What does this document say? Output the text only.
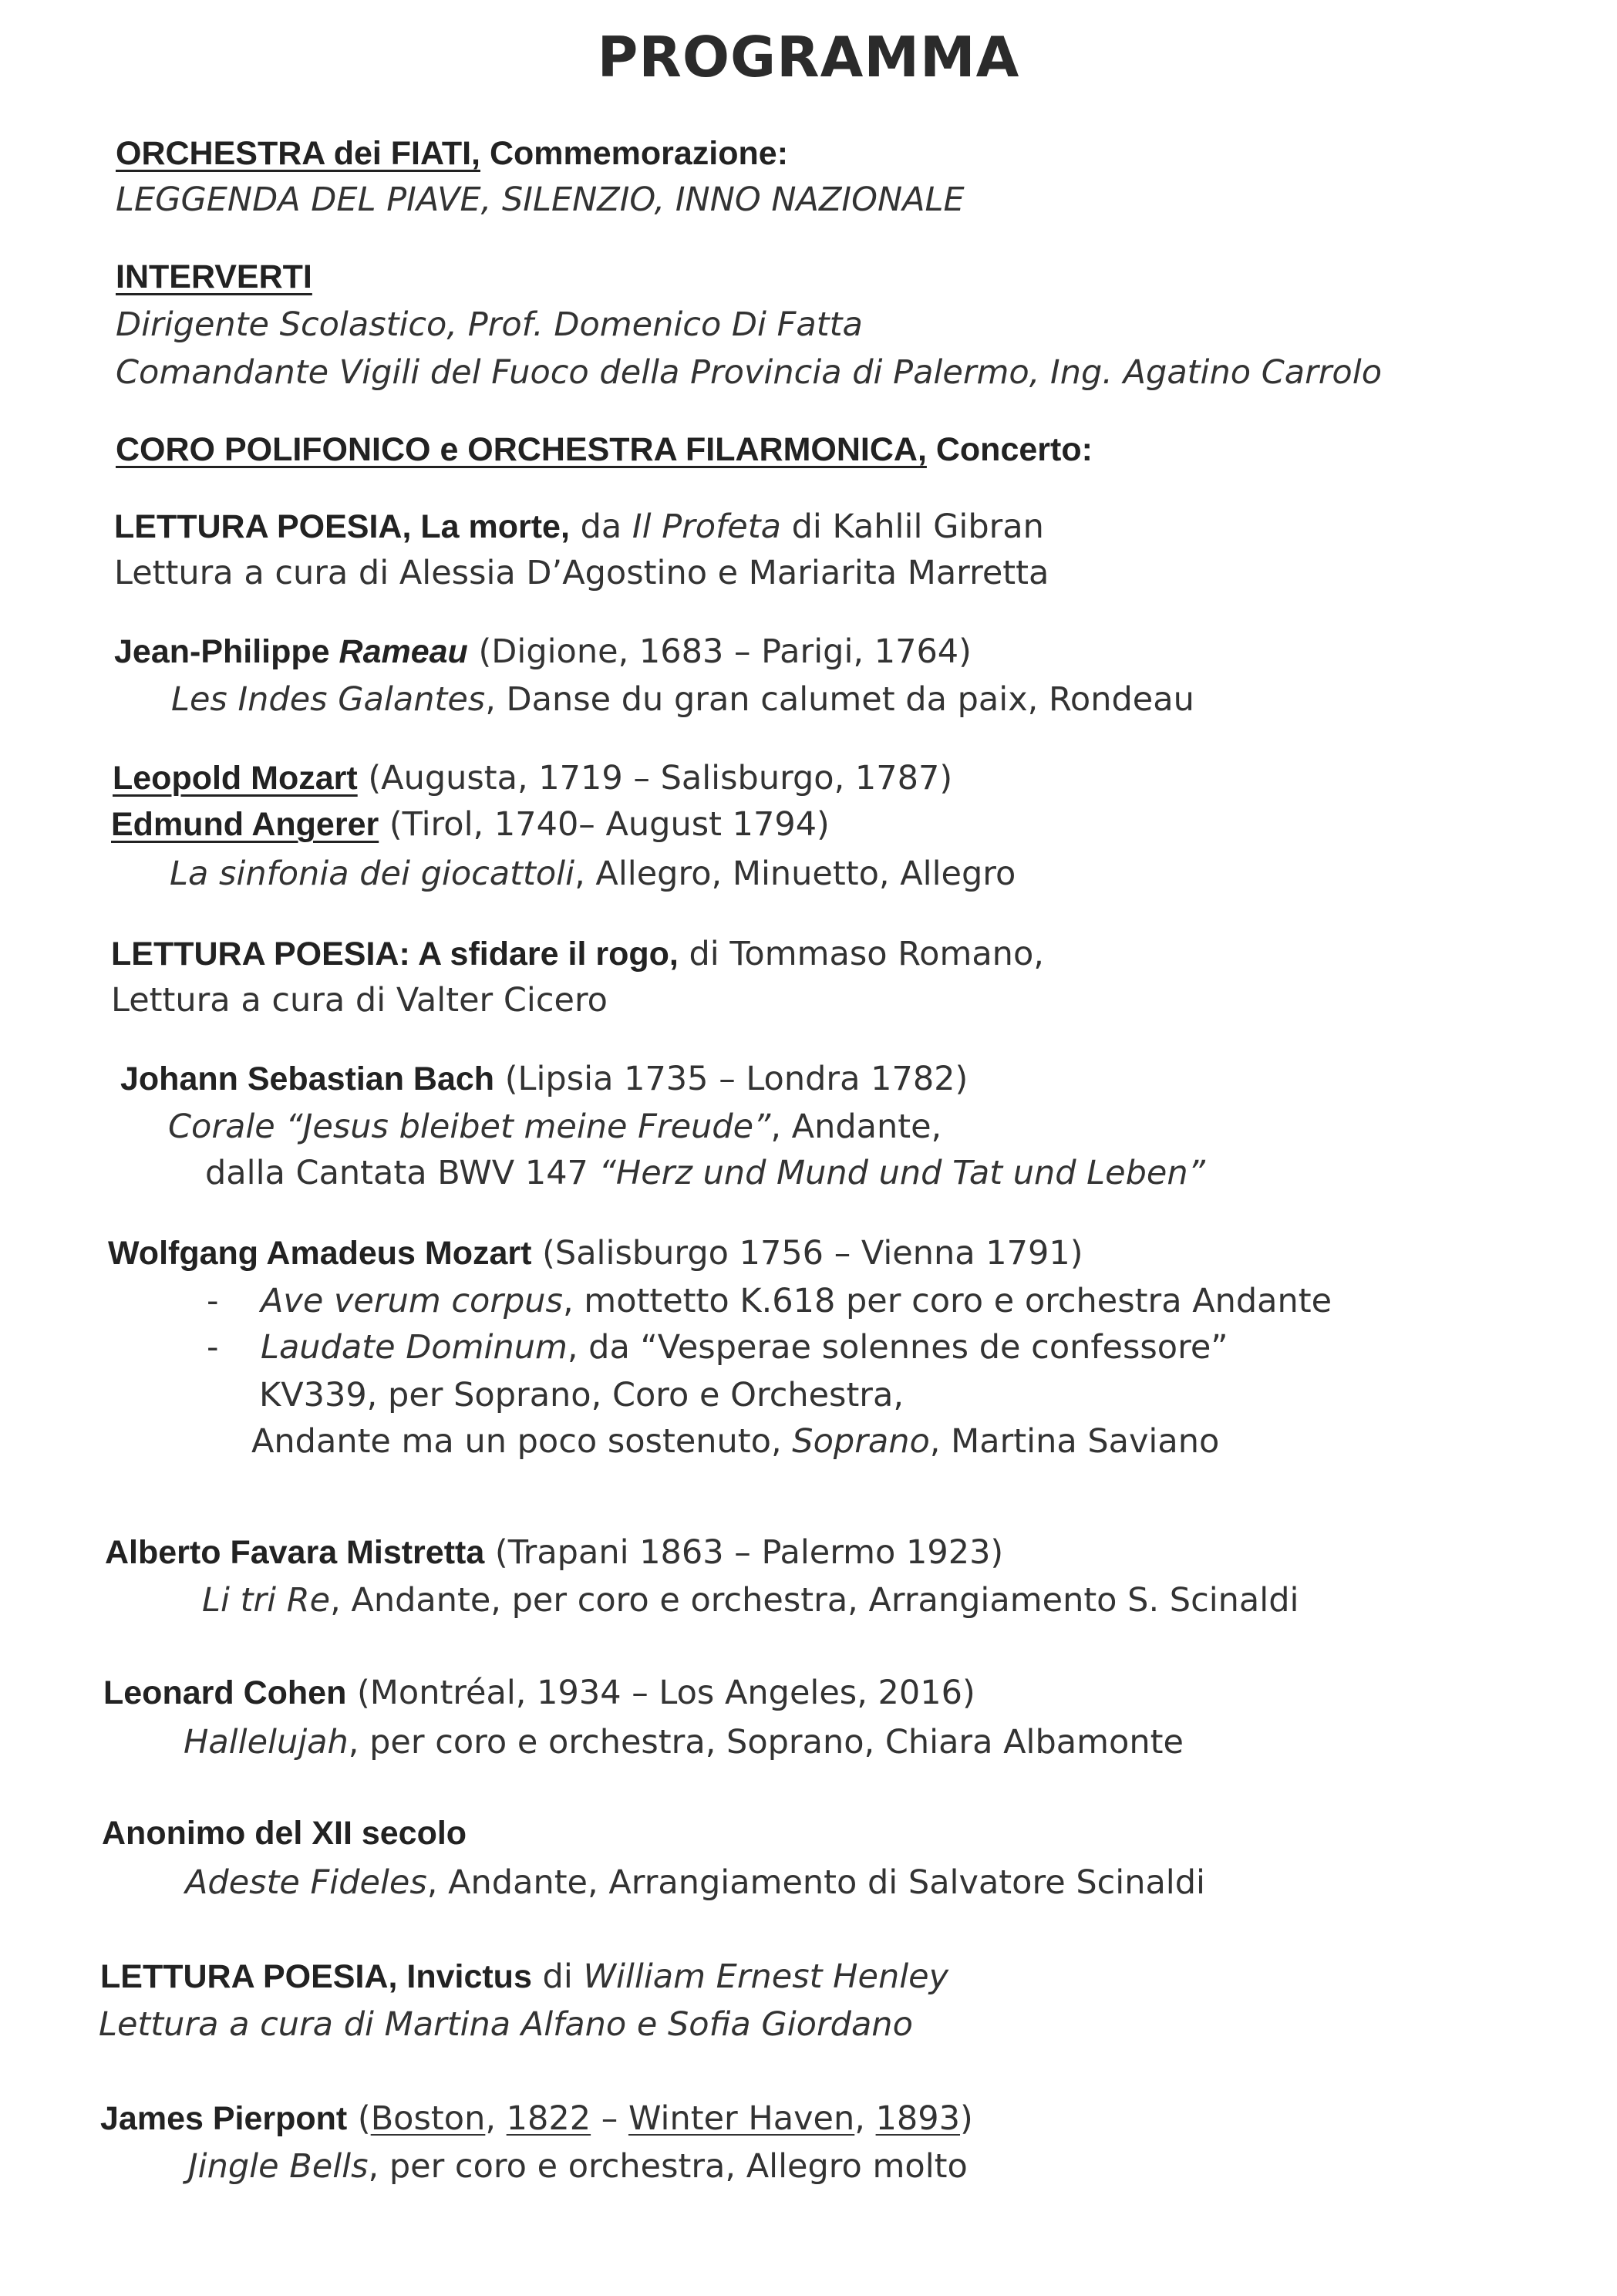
PROGRAMMA
ORCHESTRA dei FIATI, Commemorazione:
LEGGENDA DEL PIAVE, SILENZIO, INNO NAZIONALE
INTERVERTI
Dirigente Scolastico, Prof. Domenico Di Fatta
Comandante Vigili del Fuoco della Provincia di Palermo, Ing. Agatino Carrolo
CORO POLIFONICO e ORCHESTRA FILARMONICA, Concerto:
LETTURA POESIA, La morte, da Il Profeta di Kahlil Gibran
Lettura a cura di Alessia D’Agostino e Mariarita Marretta
Jean-Philippe Rameau (Digione, 1683 – Parigi, 1764)
Les Indes Galantes, Danse du gran calumet da paix, Rondeau
Leopold Mozart (Augusta, 1719 – Salisburgo, 1787)
Edmund Angerer (Tirol, 1740– August 1794)
La sinfonia dei giocattoli, Allegro, Minuetto, Allegro
LETTURA POESIA: A sfidare il rogo, di Tommaso Romano,
Lettura a cura di Valter Cicero
Johann Sebastian Bach (Lipsia 1735 – Londra 1782)
Corale “Jesus bleibet meine Freude”, Andante,
dalla Cantata BWV 147 “Herz und Mund und Tat und Leben”
Wolfgang Amadeus Mozart (Salisburgo 1756 – Vienna 1791)
- Ave verum corpus, mottetto K.618 per coro e orchestra Andante
- Laudate Dominum, da “Vesperae solennes de confessore”
KV339, per Soprano, Coro e Orchestra,
Andante ma un poco sostenuto, Soprano, Martina Saviano
Alberto Favara Mistretta (Trapani 1863 – Palermo 1923)
Li tri Re, Andante, per coro e orchestra, Arrangiamento S. Scinaldi
Leonard Cohen (Montréal, 1934 – Los Angeles, 2016)
Hallelujah, per coro e orchestra, Soprano, Chiara Albamonte
Anonimo del XII secolo
Adeste Fideles, Andante, Arrangiamento di Salvatore Scinaldi
LETTURA POESIA, Invictus di William Ernest Henley
Lettura a cura di Martina Alfano e Sofia Giordano
James Pierpont (Boston, 1822 – Winter Haven, 1893)
Jingle Bells, per coro e orchestra, Allegro molto
